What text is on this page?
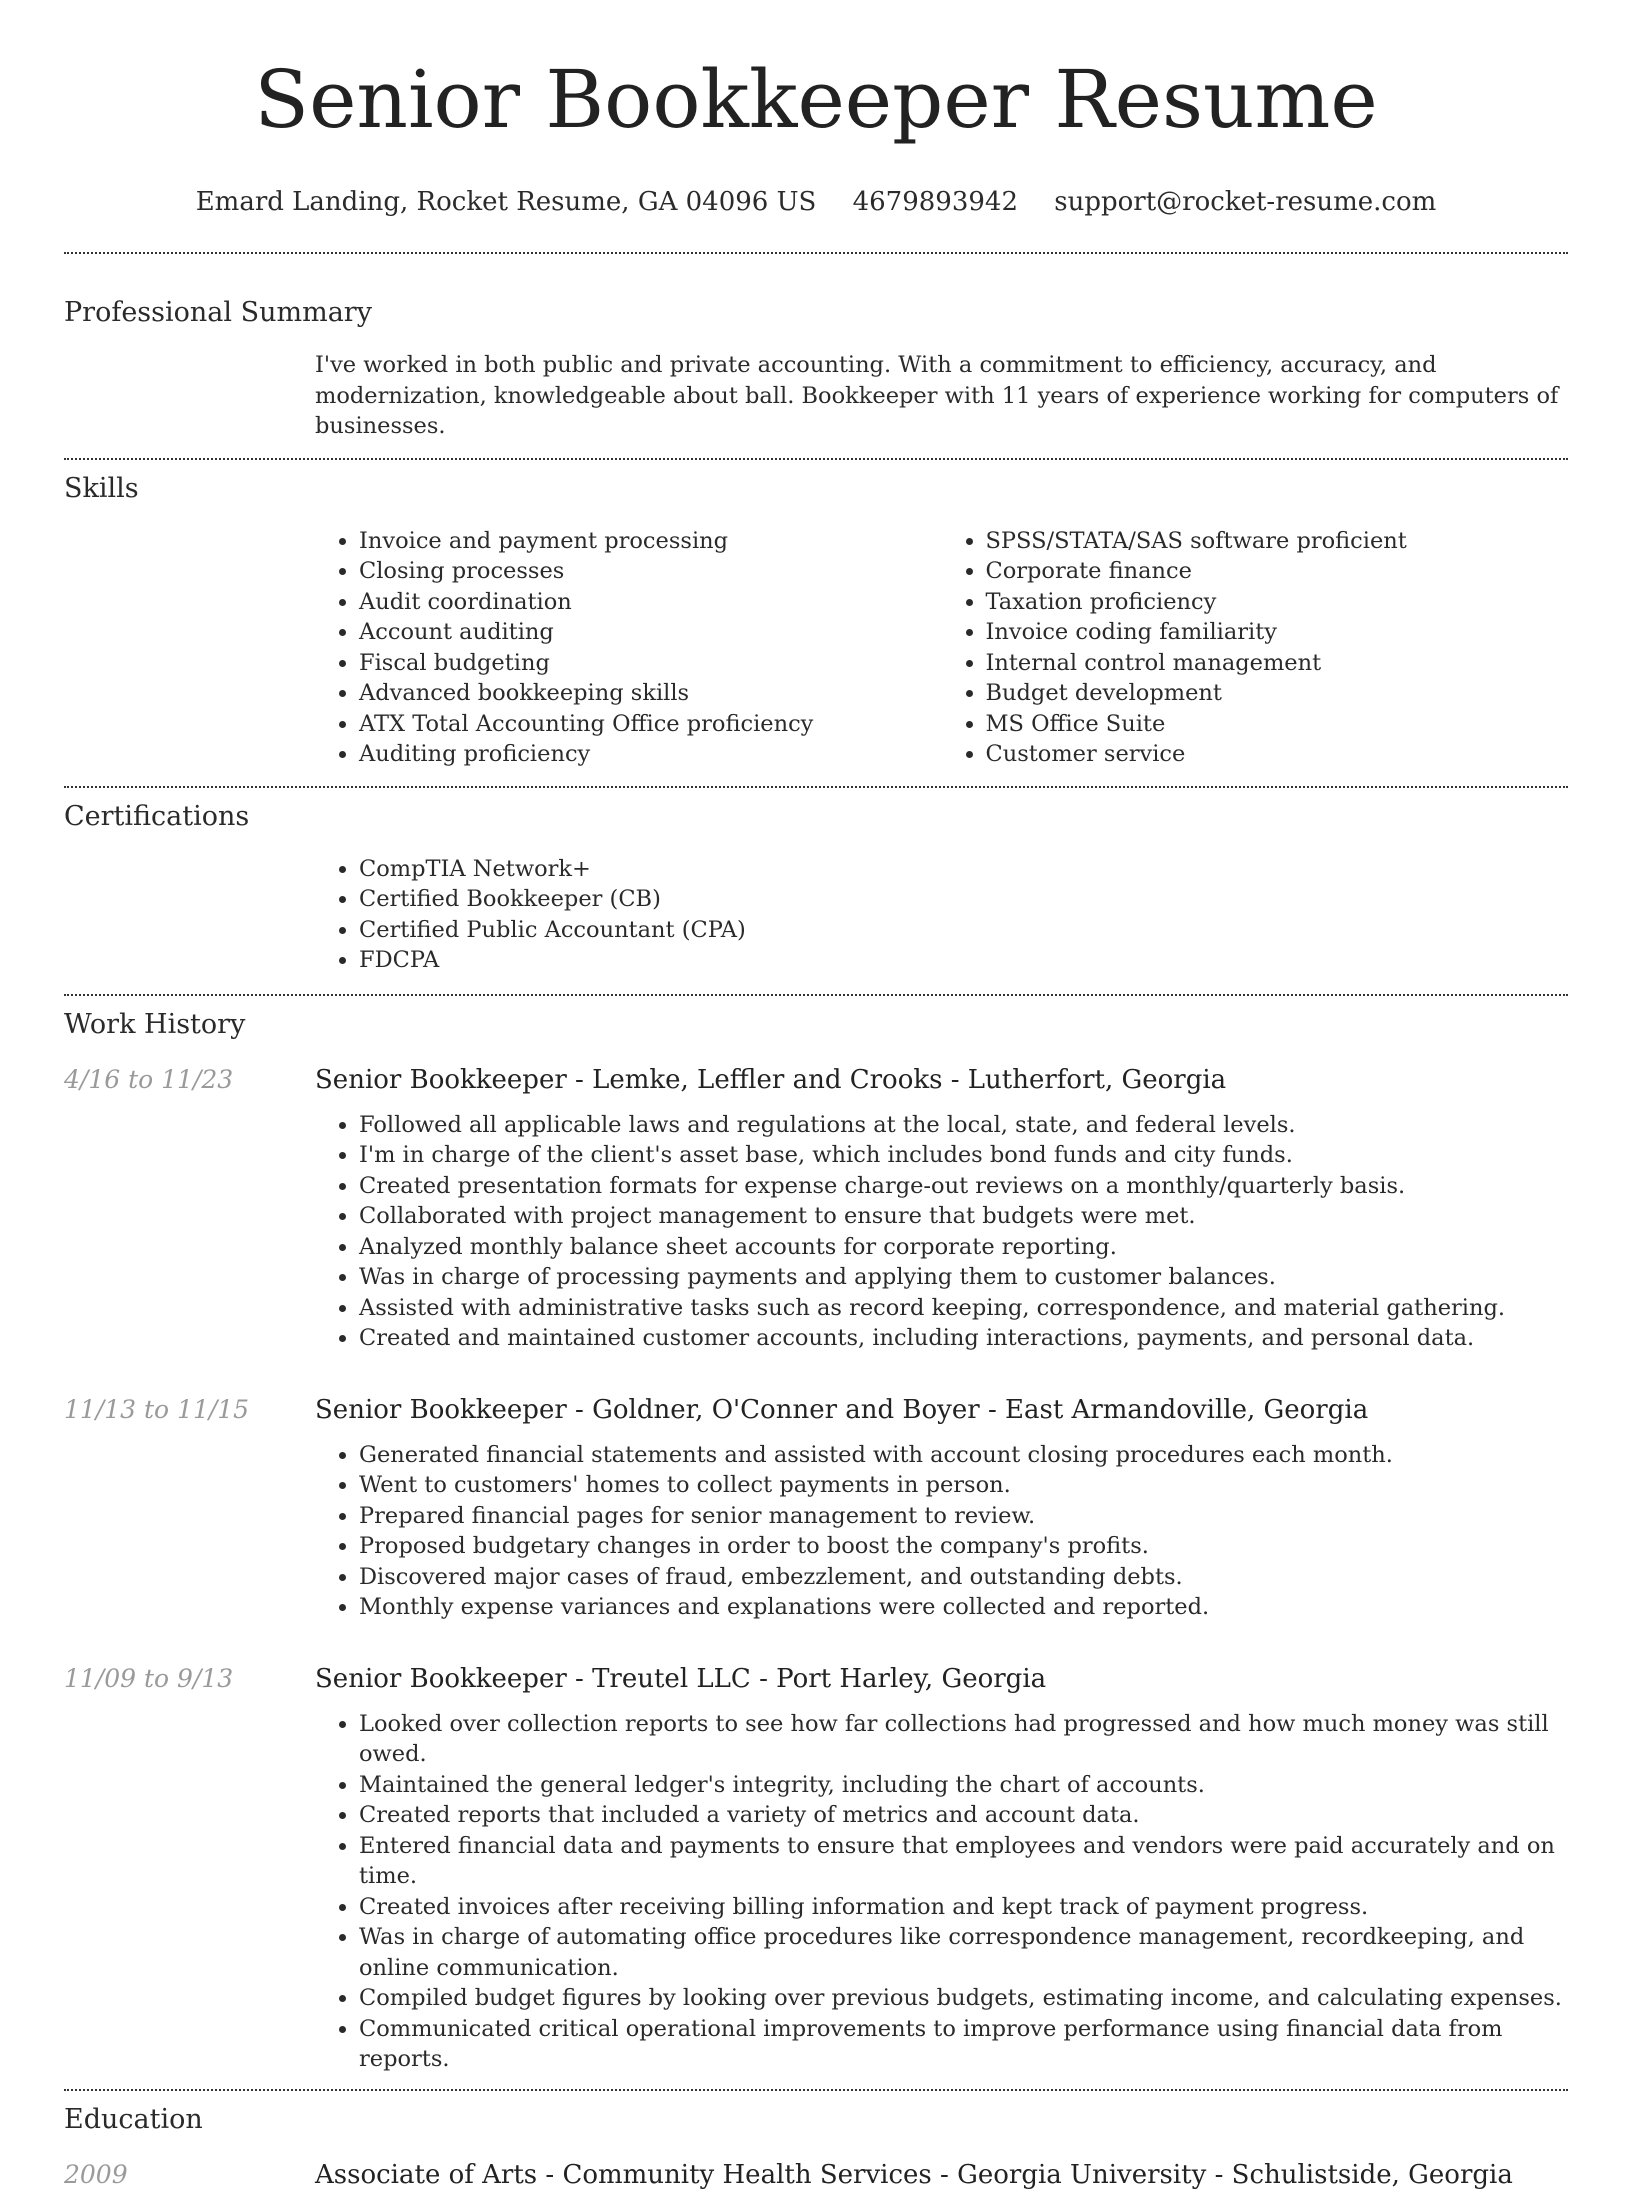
Senior Bookkeeper Resume
Emard Landing, Rocket Resume, GA 04096 US 4679893942 support@rocket-resume.com
Professional Summary

I've worked in both public and private accounting. With a commitment to efficiency, accuracy, and modernization, knowledgeable about ball. Bookkeeper with 11 years of experience working for computers of businesses.

Skills
• Invoice and payment processing
• Closing processes
• Audit coordination
• Account auditing
• Fiscal budgeting
• Advanced bookkeeping skills
• ATX Total Accounting Office proficiency
• Auditing proficiency
• SPSS/STATA/SAS software proficient
• Corporate finance
• Taxation proficiency
• Invoice coding familiarity
• Internal control management
• Budget development
• MS Office Suite
• Customer service
Certifications
• CompTIA Network+
• Certified Bookkeeper (CB)
• Certified Public Accountant (CPA)
• FDCPA
Work History
4/16 to 11/23	Senior Bookkeeper - Lemke, Leffler and Crooks - Lutherfort, Georgia
• Followed all applicable laws and regulations at the local, state, and federal levels.
• I'm in charge of the client's asset base, which includes bond funds and city funds.
• Created presentation formats for expense charge-out reviews on a monthly/quarterly basis.
• Collaborated with project management to ensure that budgets were met.
• Analyzed monthly balance sheet accounts for corporate reporting.
• Was in charge of processing payments and applying them to customer balances.
• Assisted with administrative tasks such as record keeping, correspondence, and material gathering.
• Created and maintained customer accounts, including interactions, payments, and personal data.
11/13 to 11/15	Senior Bookkeeper - Goldner, O'Conner and Boyer - East Armandoville, Georgia
• Generated financial statements and assisted with account closing procedures each month.
• Went to customers' homes to collect payments in person.
• Prepared financial pages for senior management to review.
• Proposed budgetary changes in order to boost the company's profits.
• Discovered major cases of fraud, embezzlement, and outstanding debts.
• Monthly expense variances and explanations were collected and reported.
11/09 to 9/13	Senior Bookkeeper - Treutel LLC - Port Harley, Georgia
• Looked over collection reports to see how far collections had progressed and how much money was still owed.
• Maintained the general ledger's integrity, including the chart of accounts.
• Created reports that included a variety of metrics and account data.
• Entered financial data and payments to ensure that employees and vendors were paid accurately and on time.
• Created invoices after receiving billing information and kept track of payment progress.
• Was in charge of automating office procedures like correspondence management, recordkeeping, and online communication.
• Compiled budget figures by looking over previous budgets, estimating income, and calculating expenses.
• Communicated critical operational improvements to improve performance using financial data from reports.
Education
2009	Associate of Arts - Community Health Services - Georgia University - Schulistside, Georgia
